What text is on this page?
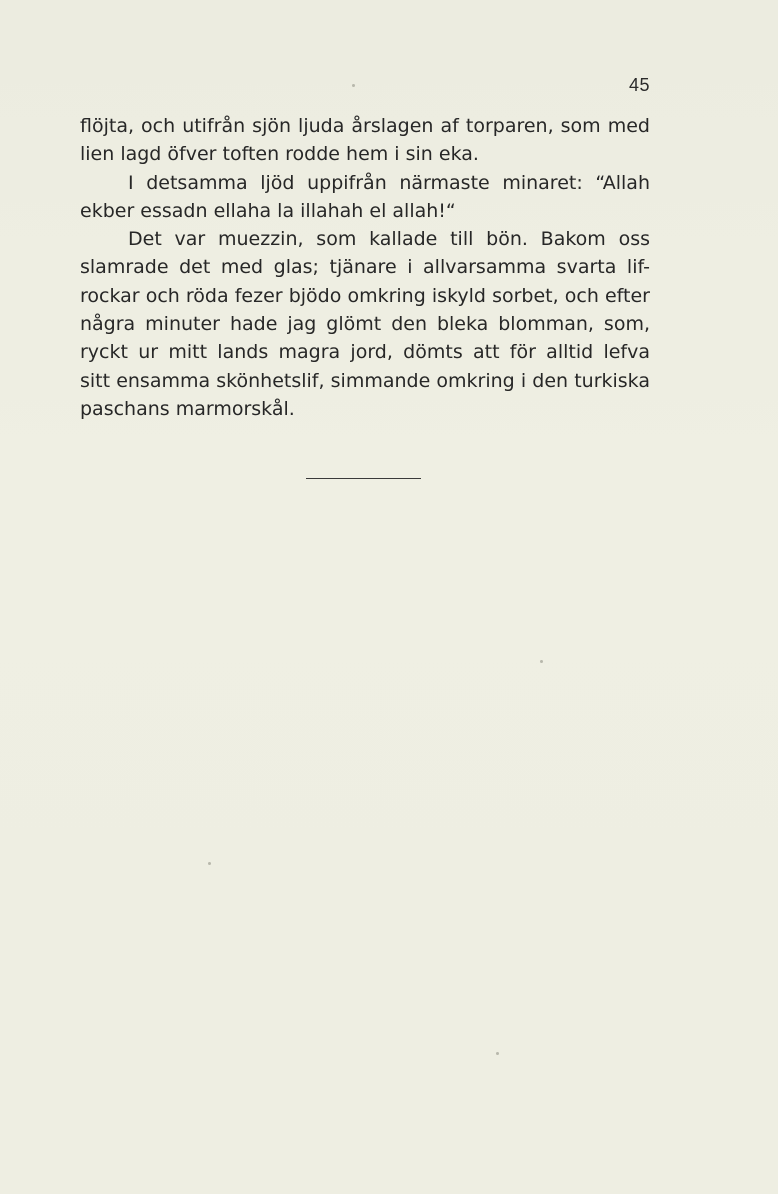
45
flöjta, och utifrån sjön ljuda årslagen af torparen, som med
lien lagd öfver toften rodde hem i sin eka.
I detsamma ljöd uppifrån närmaste minaret: “Allah
ekber essadn ellaha la illahah el allah!“
Det var muezzin, som kallade till bön. Bakom oss
slamrade det med glas; tjänare i allvarsamma svarta lif-
rockar och röda fezer bjödo omkring iskyld sorbet, och efter
några minuter hade jag glömt den bleka blomman, som,
ryckt ur mitt lands magra jord, dömts att för alltid lefva
sitt ensamma skönhetslif, simmande omkring i den turkiska
paschans marmorskål.
